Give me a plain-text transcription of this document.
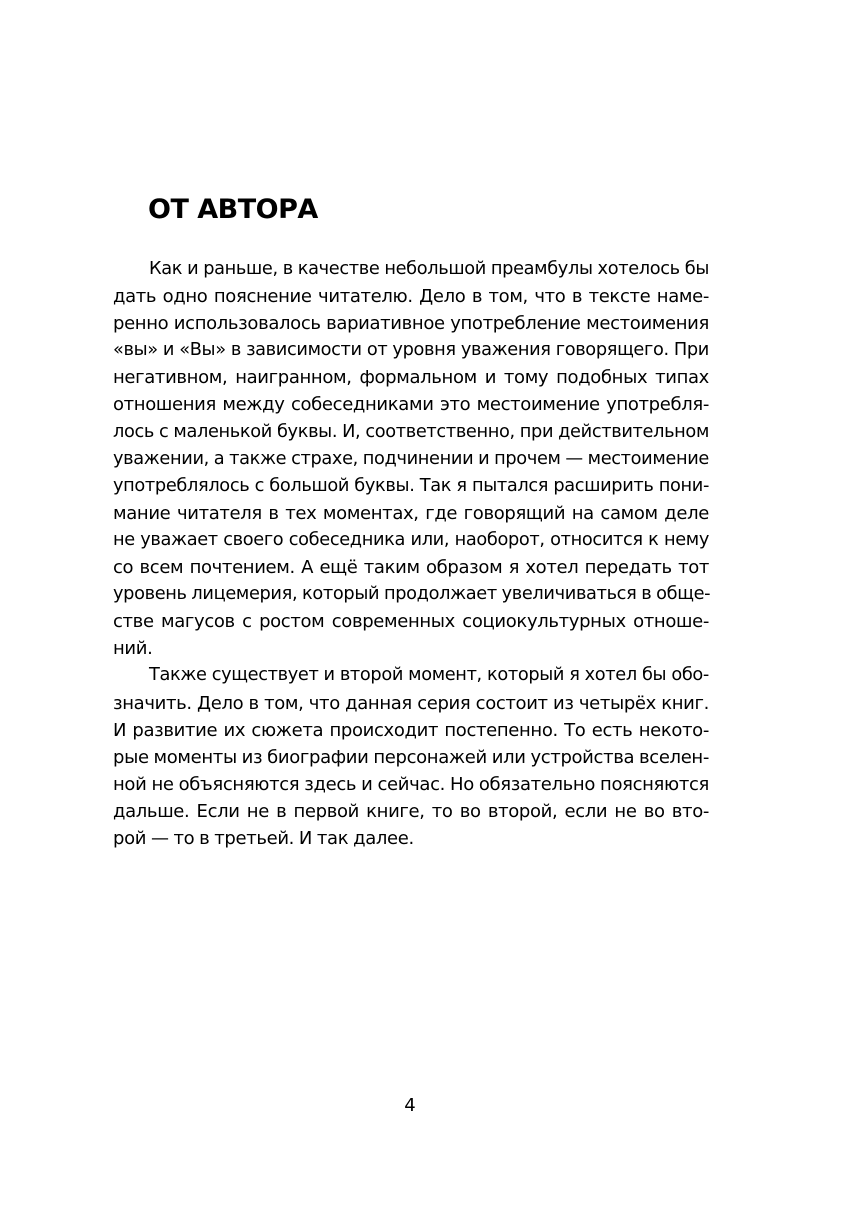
ОТ АВТОРА
Как и раньше, в качестве небольшой преамбулы хотелось бы
дать одно пояснение читателю. Дело в том, что в тексте наме-
ренно использовалось вариативное употребление местоимения
«вы» и «Вы» в зависимости от уровня уважения говорящего. При
негативном, наигранном, формальном и тому подобных типах
отношения между собеседниками это местоимение употребля-
лось с маленькой буквы. И, соответственно, при действительном
уважении, а также страхе, подчинении и прочем — местоимение
употреблялось с большой буквы. Так я пытался расширить пони-
мание читателя в тех моментах, где говорящий на самом деле
не уважает своего собеседника или, наоборот, относится к нему
со всем почтением. А ещё таким образом я хотел передать тот
уровень лицемерия, который продолжает увеличиваться в обще-
стве магусов с ростом современных социокультурных отноше-
ний.
Также существует и второй момент, который я хотел бы обо-
значить. Дело в том, что данная серия состоит из четырёх книг.
И развитие их сюжета происходит постепенно. То есть некото-
рые моменты из биографии персонажей или устройства вселен-
ной не объясняются здесь и сейчас. Но обязательно поясняются
дальше. Если не в первой книге, то во второй, если не во вто-
рой — то в третьей. И так далее.
4
